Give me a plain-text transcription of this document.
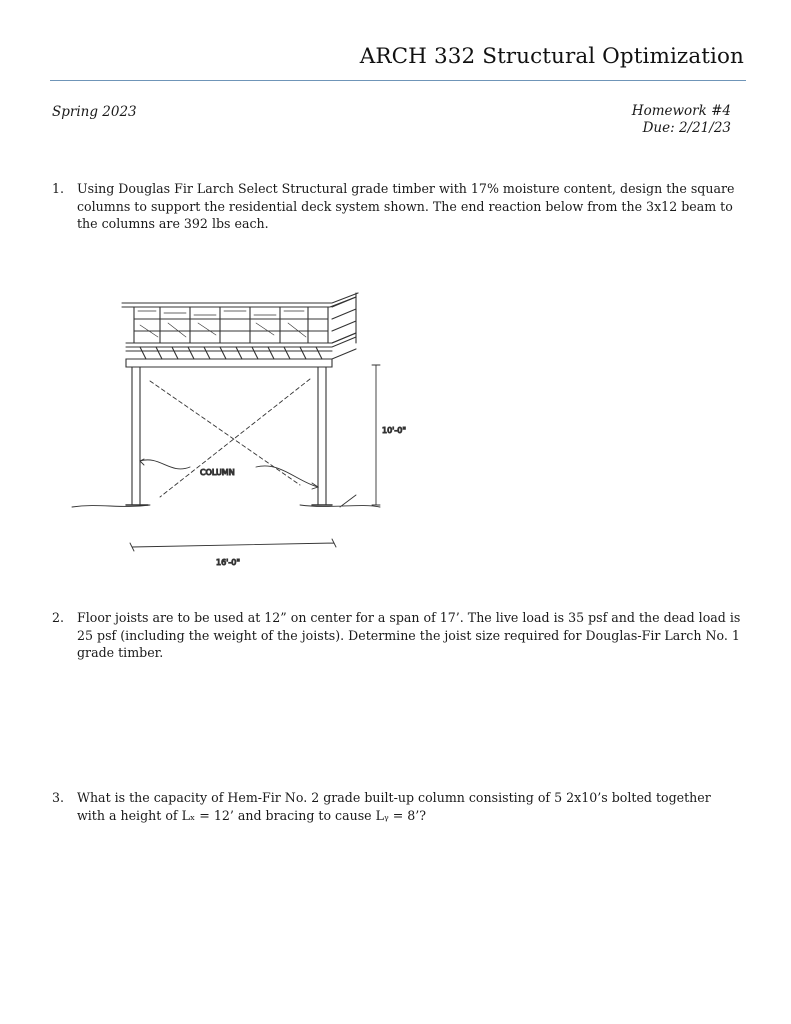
ARCH 332 Structural Optimization
Spring 2023	Homework #4
Due: 2/21/23
1.	Using Douglas Fir Larch Select Structural grade timber with 17% moisture content, design the square columns to support the residential deck system shown. The end reaction below from the 3x12 beam to the columns are 392 lbs each.
COLUMN
10'-0"
16'-0"
2.	Floor joists are to be used at 12” on center for a span of 17’. The live load is 35 psf and the dead load is 25 psf (including the weight of the joists). Determine the joist size required for Douglas-Fir Larch No. 1 grade timber.
3.	What is the capacity of Hem-Fir No. 2 grade built-up column consisting of 5 2x10’s bolted together with a height of Lₓ = 12’ and bracing to cause Lᵧ = 8’?
